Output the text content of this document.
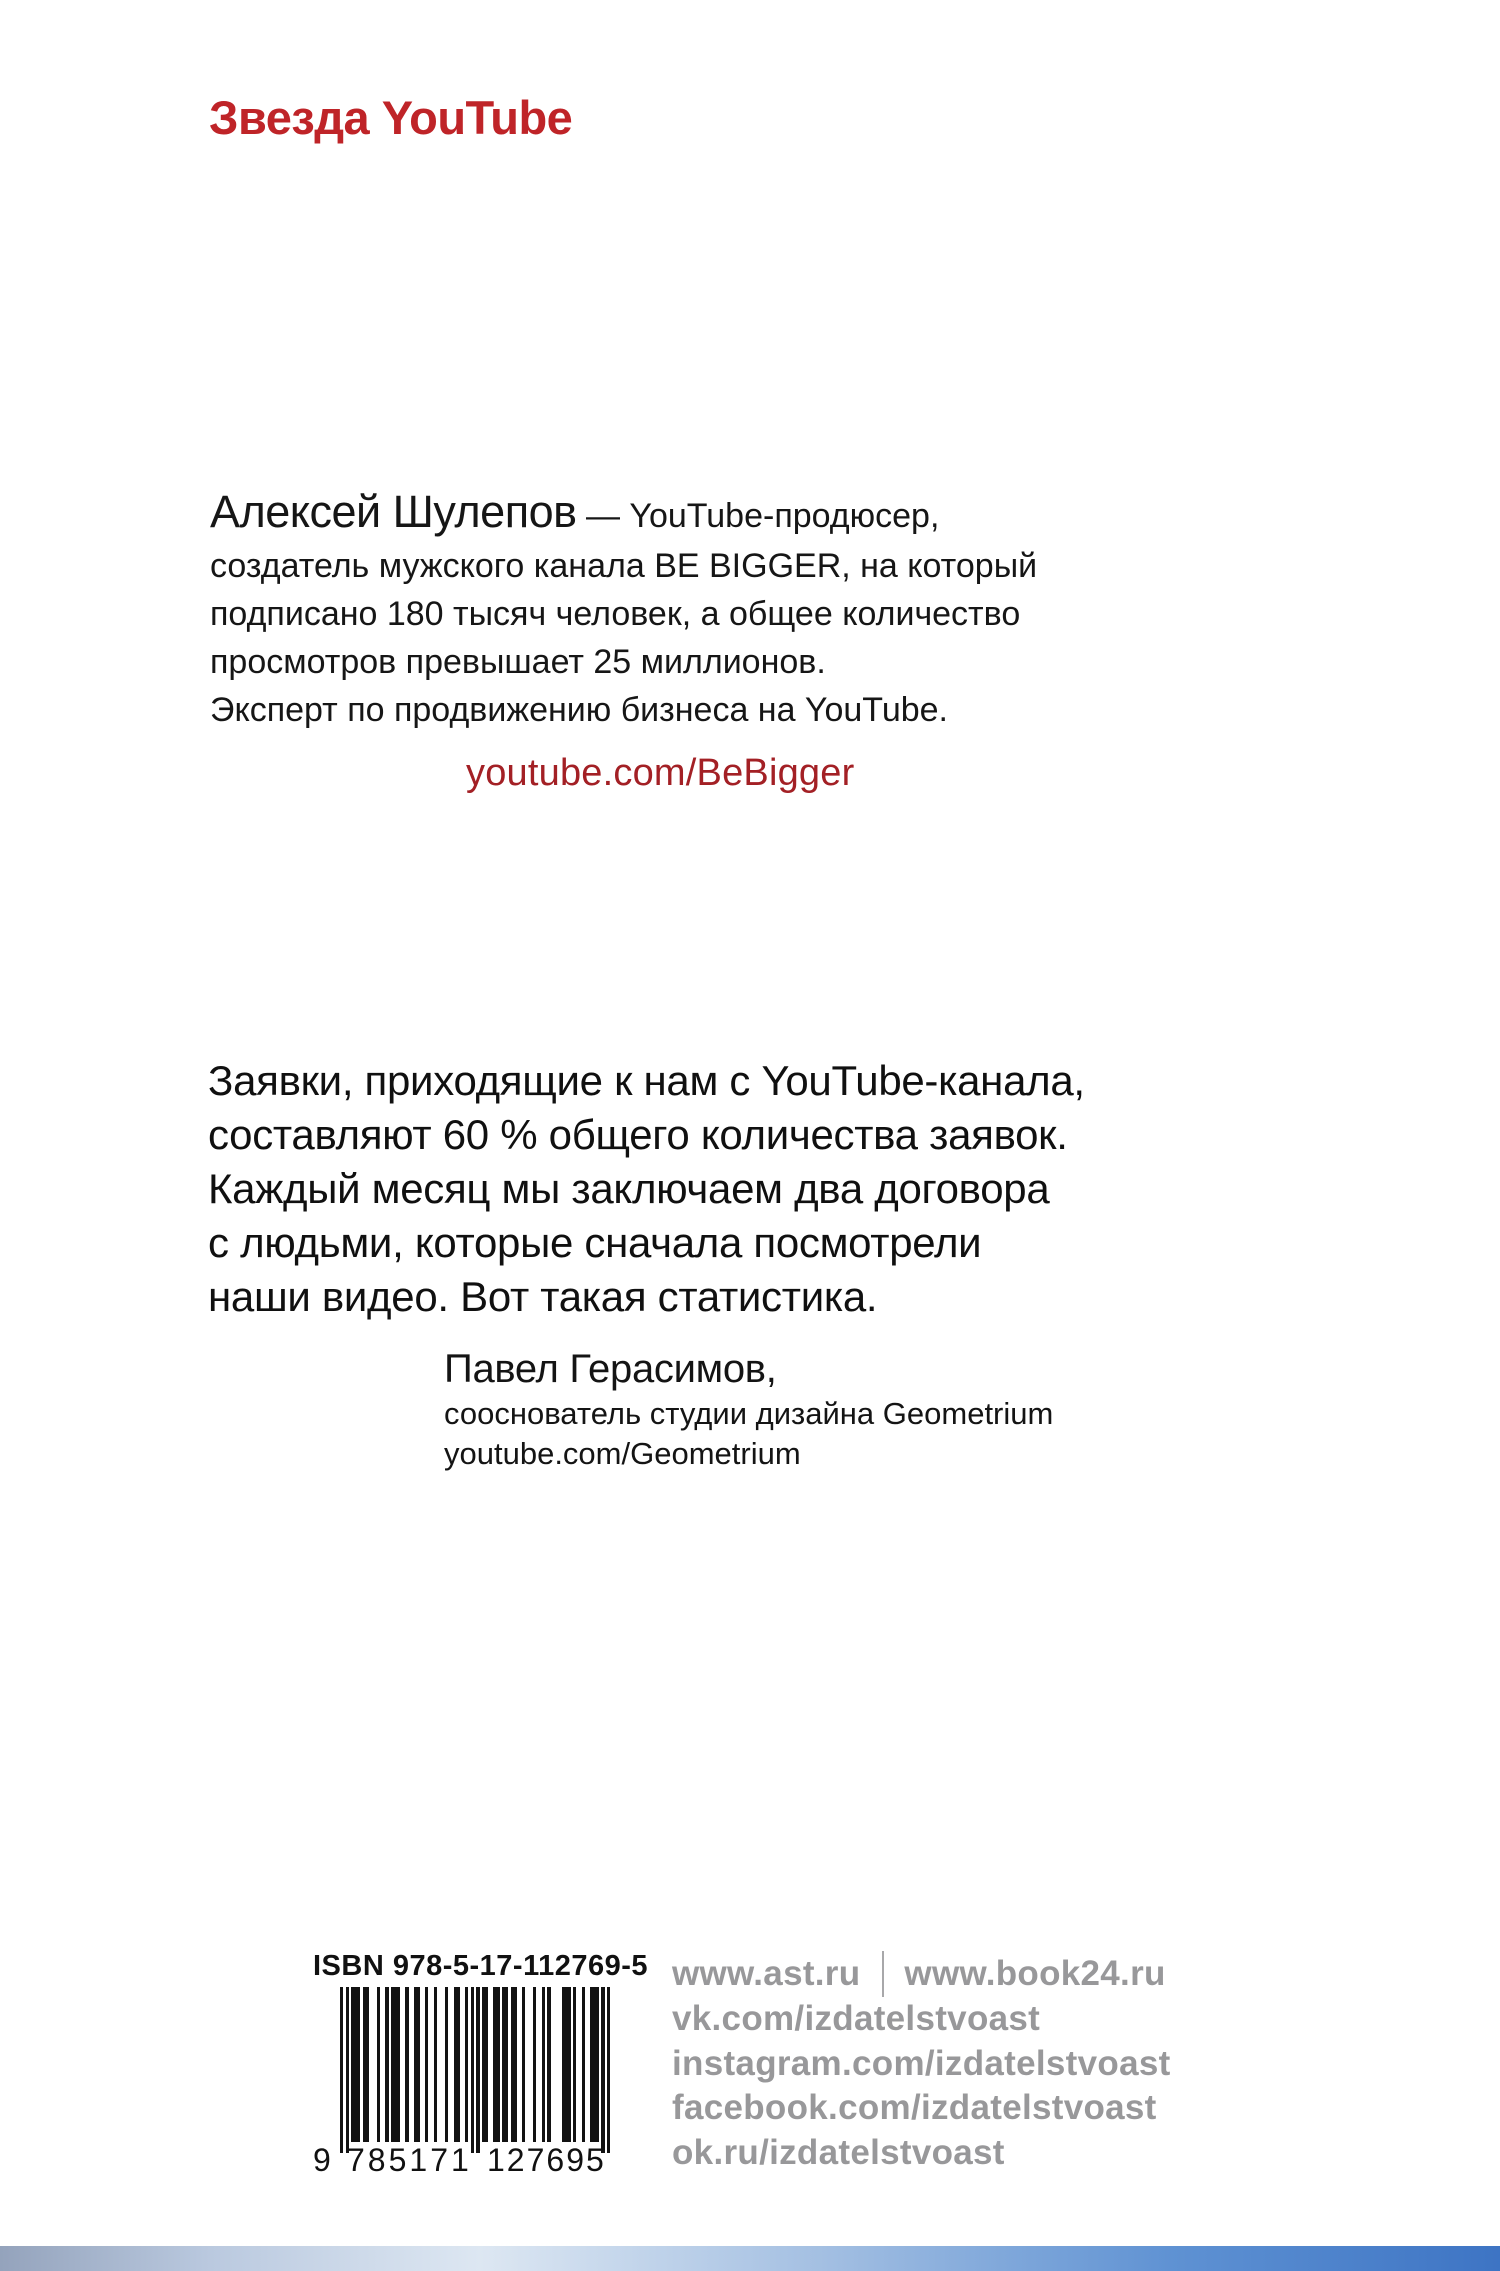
Звезда YouTube
Алексей Шулепов — YouTube-продюсер,
создатель мужского канала BE BIGGER, на который
подписано 180 тысяч человек, а общее количество
просмотров превышает 25 миллионов.
Эксперт по продвижению бизнеса на YouTube.
youtube.com/BeBigger
Заявки, приходящие к нам с YouTube-канала,
составляют 60 % общего количества заявок.
Каждый месяц мы заключаем два договора
с людьми, которые сначала посмотрели
наши видео. Вот такая статистика.
Павел Герасимов,
сооснователь студии дизайна Geometrium
youtube.com/Geometrium
ISBN 978-5-17-112769-5
9 785171 127695
www.ast.ru www.book24.ru
vk.com/izdatelstvoast
instagram.com/izdatelstvoast
facebook.com/izdatelstvoast
ok.ru/izdatelstvoast
